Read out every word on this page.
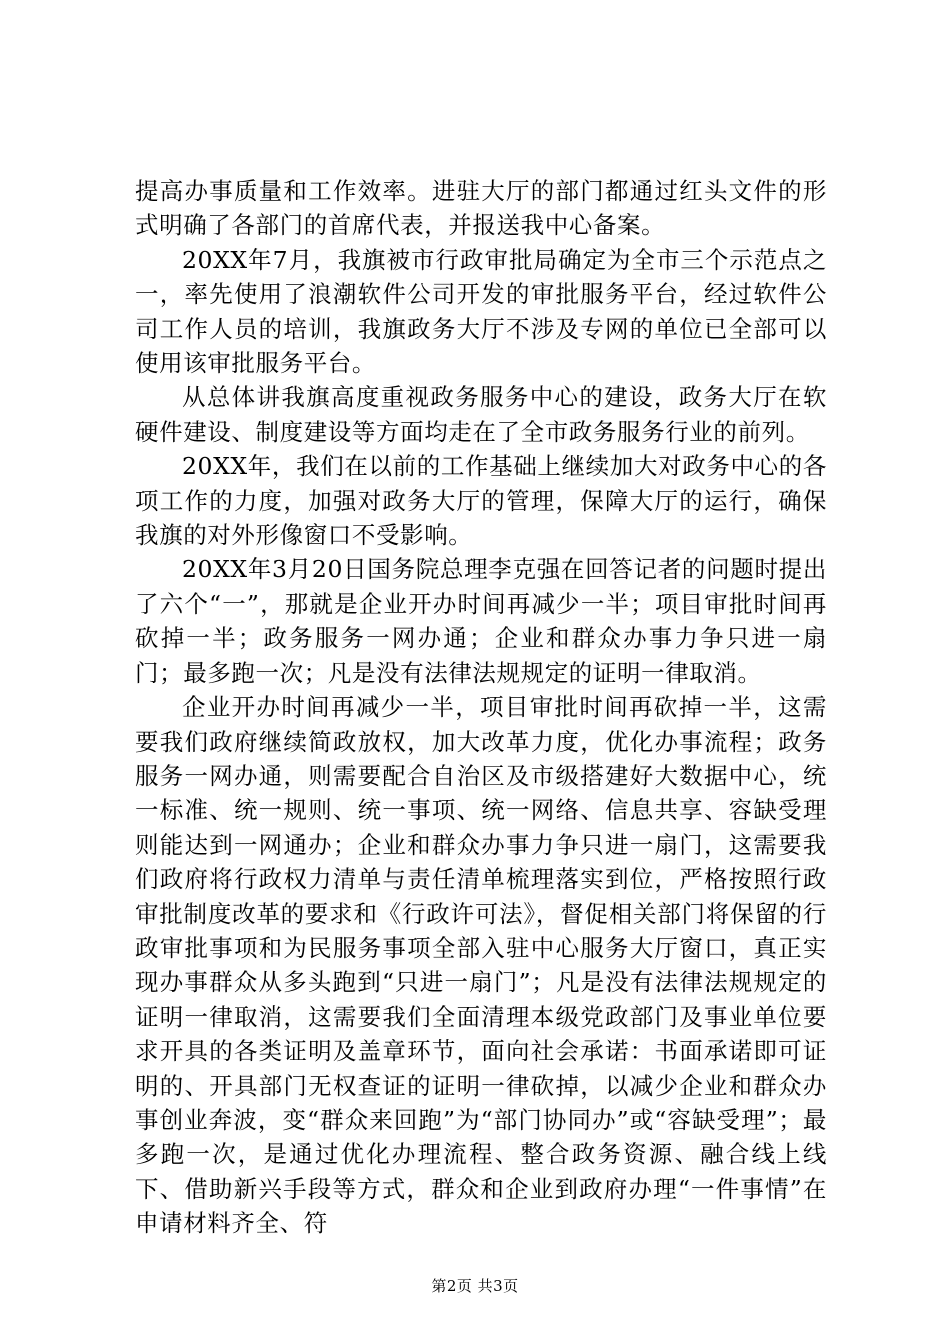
提高办事质量和工作效率。进驻大厅的部门都通过红头文件的形式明确了各部门的首席代表，并报送我中心备案。

20XX年7月，我旗被市行政审批局确定为全市三个示范点之一，率先使用了浪潮软件公司开发的审批服务平台，经过软件公司工作人员的培训，我旗政务大厅不涉及专网的单位已全部可以使用该审批服务平台。

从总体讲我旗高度重视政务服务中心的建设，政务大厅在软硬件建设、制度建设等方面均走在了全市政务服务行业的前列。

20XX年，我们在以前的工作基础上继续加大对政务中心的各项工作的力度，加强对政务大厅的管理，保障大厅的运行，确保我旗的对外形像窗口不受影响。

20XX年3月20日国务院总理李克强在回答记者的问题时提出了六个“一”，那就是企业开办时间再减少一半；项目审批时间再砍掉一半；政务服务一网办通；企业和群众办事力争只进一扇门；最多跑一次；凡是没有法律法规规定的证明一律取消。

企业开办时间再减少一半，项目审批时间再砍掉一半，这需要我们政府继续简政放权，加大改革力度，优化办事流程；政务服务一网办通，则需要配合自治区及市级搭建好大数据中心，统一标准、统一规则、统一事项、统一网络、信息共享、容缺受理则能达到一网通办；企业和群众办事力争只进一扇门，这需要我们政府将行政权力清单与责任清单梳理落实到位，严格按照行政审批制度改革的要求和《行政许可法》，督促相关部门将保留的行政审批事项和为民服务事项全部入驻中心服务大厅窗口，真正实现办事群众从多头跑到“只进一扇门”；凡是没有法律法规规定的证明一律取消，这需要我们全面清理本级党政部门及事业单位要求开具的各类证明及盖章环节，面向社会承诺：书面承诺即可证明的、开具部门无权查证的证明一律砍掉，以减少企业和群众办事创业奔波，变“群众来回跑”为“部门协同办”或“容缺受理”；最多跑一次，是通过优化办理流程、整合政务资源、融合线上线下、借助新兴手段等方式，群众和企业到政府办理“一件事情”在申请材料齐全、符

第2页 共3页
